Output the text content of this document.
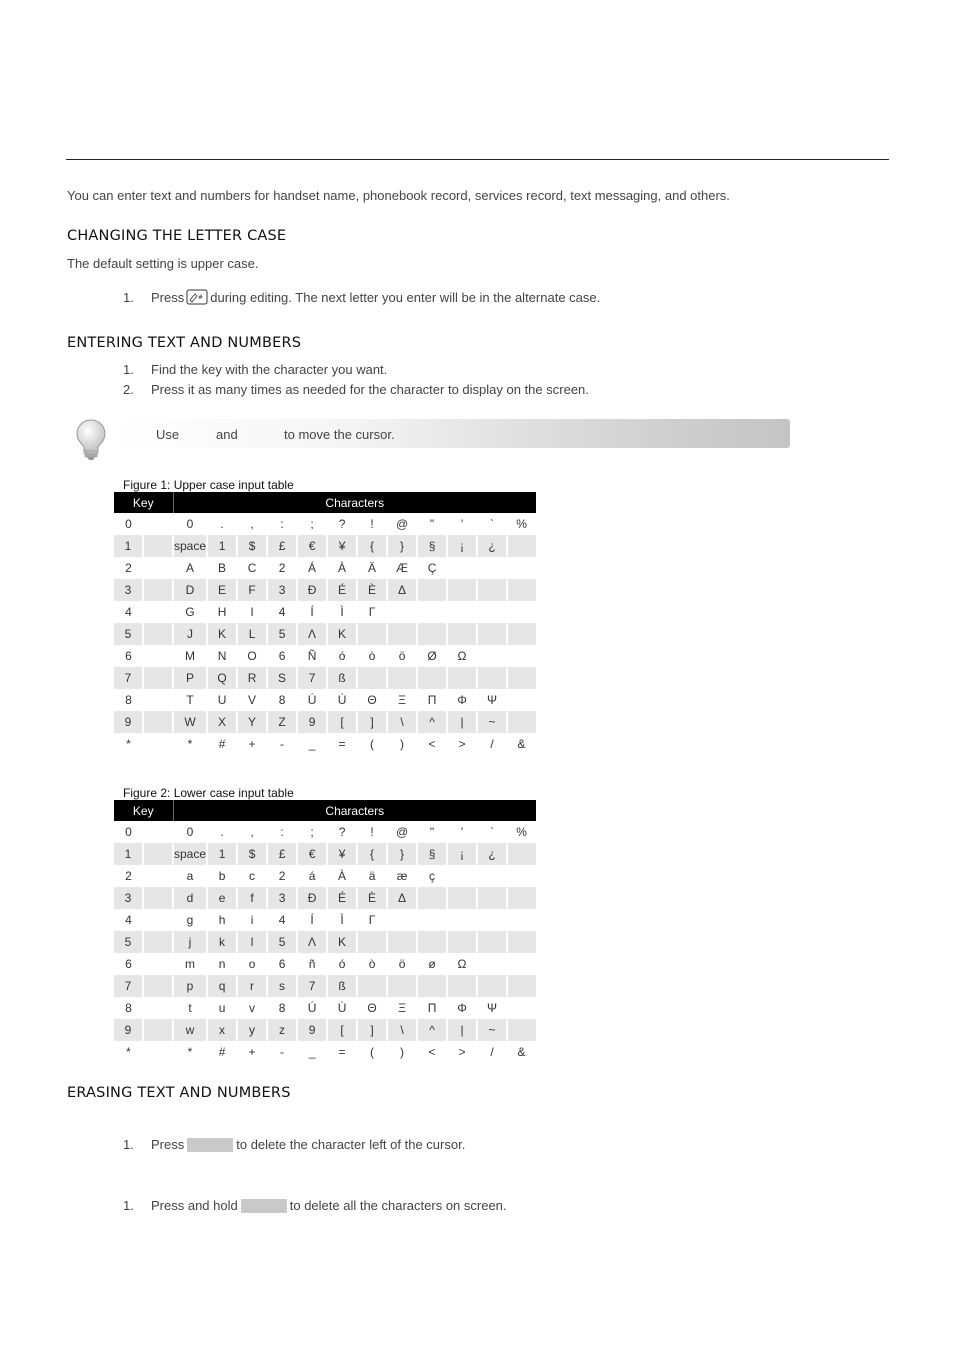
You can enter text and numbers for handset name, phonebook record, services record, text messaging, and others.
CHANGING THE LETTER CASE
The default setting is upper case.
1.	Press # during editing. The next letter you enter will be in the alternate case.
ENTERING TEXT AND NUMBERS
1.	Find the key with the character you want.
2.	Press it as many times as needed for the character to display on the screen.
Use	and	to move the cursor.
Figure 1: Upper case input table
Key		Characters											
0		0	.	,	:	;	?	!	@	"	'	`	%
1		space	1	$	£	€	¥	{	}	§	¡	¿	
2		A	B	C	2	Á	À	Ä	Æ	Ç			
3		D	E	F	3	Đ	É	È	Δ				
4		G	H	I	4	Í	Ì	Γ					
5		J	K	L	5	Λ	K						
6		M	N	O	6	Ñ	ó	ò	ö	Ø	Ω		
7		P	Q	R	S	7	ß						
8		T	U	V	8	Ú	Ù	Θ	Ξ	Π	Φ	Ψ	
9		W	X	Y	Z	9	[	]	\	^	|	~	
*		*	#	+	-	_	=	(	)	<	>	/	&
Figure 2: Lower case input table
Key		Characters											
0		0	.	,	:	;	?	!	@	"	'	`	%
1		space	1	$	£	€	¥	{	}	§	¡	¿	
2		a	b	c	2	á	À	ä	æ	ç			
3		d	e	f	3	Đ	É	È	Δ				
4		g	h	i	4	Í	Ì	Γ					
5		j	k	l	5	Λ	K						
6		m	n	o	6	ñ	ó	ò	ö	ø	Ω		
7		p	q	r	s	7	ß						
8		t	u	v	8	Ú	Ù	Θ	Ξ	Π	Φ	Ψ	
9		w	x	y	z	9	[	]	\	^	|	~	
*		*	#	+	-	_	=	(	)	<	>	/	&
ERASING TEXT AND NUMBERS
1.	Press	to delete the character left of the cursor.
1.	Press and hold	to delete all the characters on screen.
